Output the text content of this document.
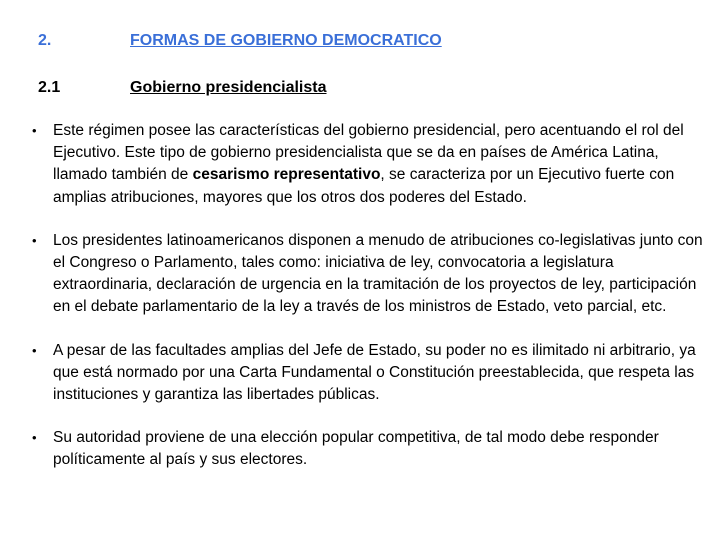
2.	FORMAS DE GOBIERNO DEMOCRATICO
2.1	Gobierno presidencialista
• Este régimen posee las características del gobierno presidencial, pero acentuando el rol del Ejecutivo. Este tipo de gobierno presidencialista que se da en países de América Latina, llamado también de cesarismo representativo, se caracteriza por un Ejecutivo fuerte con amplias atribuciones, mayores que los otros dos poderes del Estado.
• Los presidentes latinoamericanos disponen a menudo de atribuciones co-legislativas junto con el Congreso o Parlamento, tales como: iniciativa de ley, convocatoria a legislatura extraordinaria, declaración de urgencia en la tramitación de los proyectos de ley, participación en el debate parlamentario de la ley a través de los ministros de Estado, veto parcial, etc.
• A pesar de las facultades amplias del Jefe de Estado, su poder no es ilimitado ni arbitrario, ya que está normado por una Carta Fundamental o Constitución preestablecida, que respeta las instituciones y garantiza las libertades públicas.
• Su autoridad proviene de una elección popular competitiva, de tal modo debe responder políticamente al país y sus electores.
